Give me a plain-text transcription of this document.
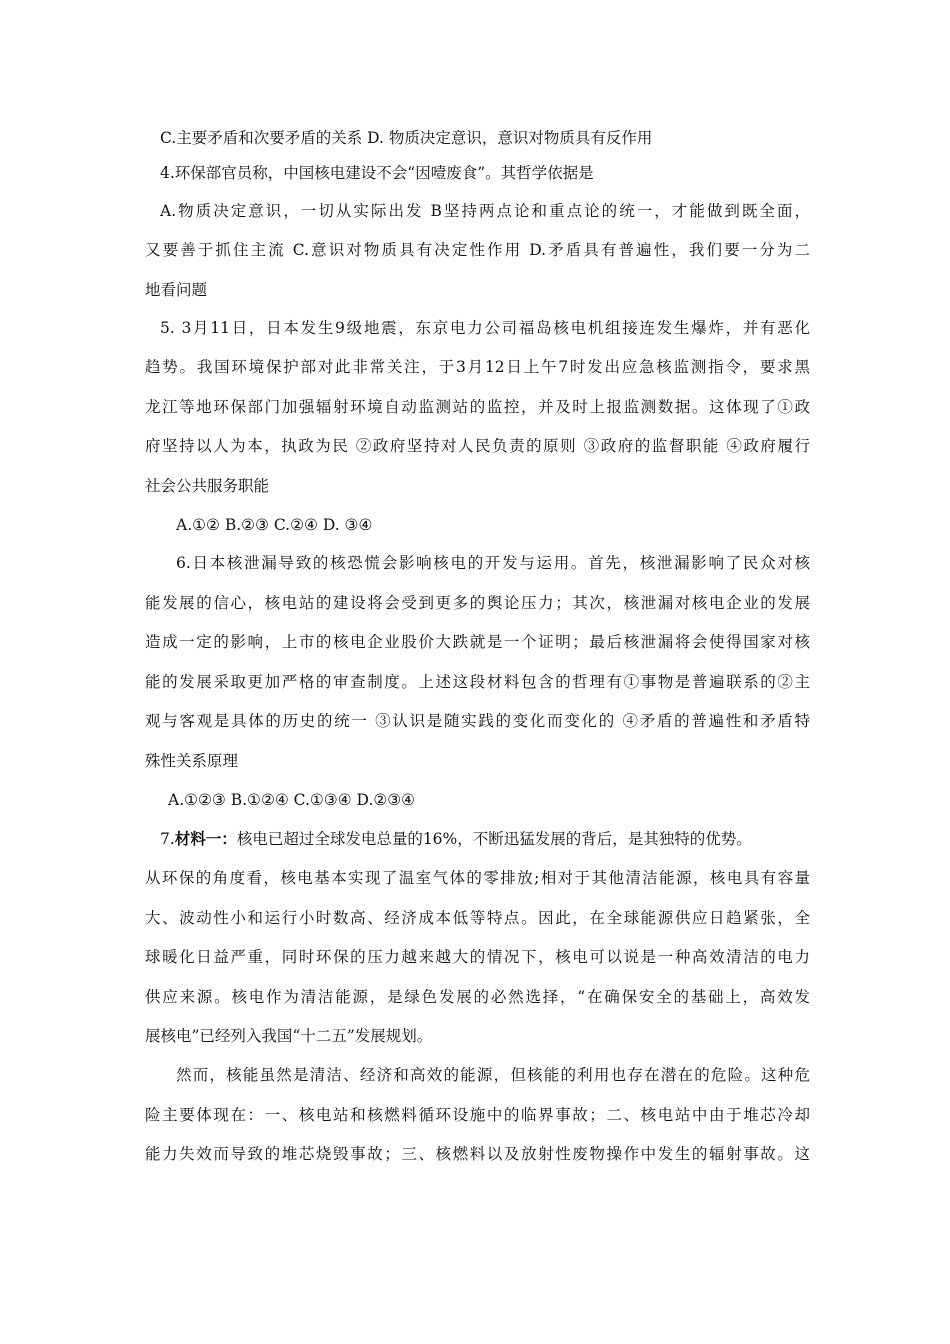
C.主要矛盾和次要矛盾的关系 D. 物质决定意识，意识对物质具有反作用
4.环保部官员称，中国核电建设不会“因噎废食”。其哲学依据是
A.物质决定意识，一切从实际出发 B坚持两点论和重点论的统一，才能做到既全面，
又要善于抓住主流 C.意识对物质具有决定性作用 D.矛盾具有普遍性，我们要一分为二
地看问题
5. 3月11日，日本发生9级地震，东京电力公司福岛核电机组接连发生爆炸，并有恶化
趋势。我国环境保护部对此非常关注，于3月12日上午7时发出应急核监测指令，要求黑
龙江等地环保部门加强辐射环境自动监测站的监控，并及时上报监测数据。这体现了①政
府坚持以人为本，执政为民 ②政府坚持对人民负责的原则 ③政府的监督职能 ④政府履行
社会公共服务职能
A.①② B.②③ C.②④ D. ③④
6.日本核泄漏导致的核恐慌会影响核电的开发与运用。首先，核泄漏影响了民众对核
能发展的信心，核电站的建设将会受到更多的舆论压力；其次，核泄漏对核电企业的发展
造成一定的影响，上市的核电企业股价大跌就是一个证明；最后核泄漏将会使得国家对核
能的发展采取更加严格的审查制度。上述这段材料包含的哲理有①事物是普遍联系的②主
观与客观是具体的历史的统一 ③认识是随实践的变化而变化的 ④矛盾的普遍性和矛盾特
殊性关系原理
A.①②③ B.①②④ C.①③④ D.②③④
7.材料一：核电已超过全球发电总量的16%，不断迅猛发展的背后，是其独特的优势。
从环保的角度看，核电基本实现了温室气体的零排放;相对于其他清洁能源，核电具有容量
大、波动性小和运行小时数高、经济成本低等特点。因此，在全球能源供应日趋紧张，全
球暖化日益严重，同时环保的压力越来越大的情况下，核电可以说是一种高效清洁的电力
供应来源。核电作为清洁能源，是绿色发展的必然选择，“在确保安全的基础上，高效发
展核电”已经列入我国“十二五”发展规划。
然而，核能虽然是清洁、经济和高效的能源，但核能的利用也存在潜在的危险。这种危
险主要体现在：一、核电站和核燃料循环设施中的临界事故；二、核电站中由于堆芯冷却
能力失效而导致的堆芯烧毁事故；三、核燃料以及放射性废物操作中发生的辐射事故。这
